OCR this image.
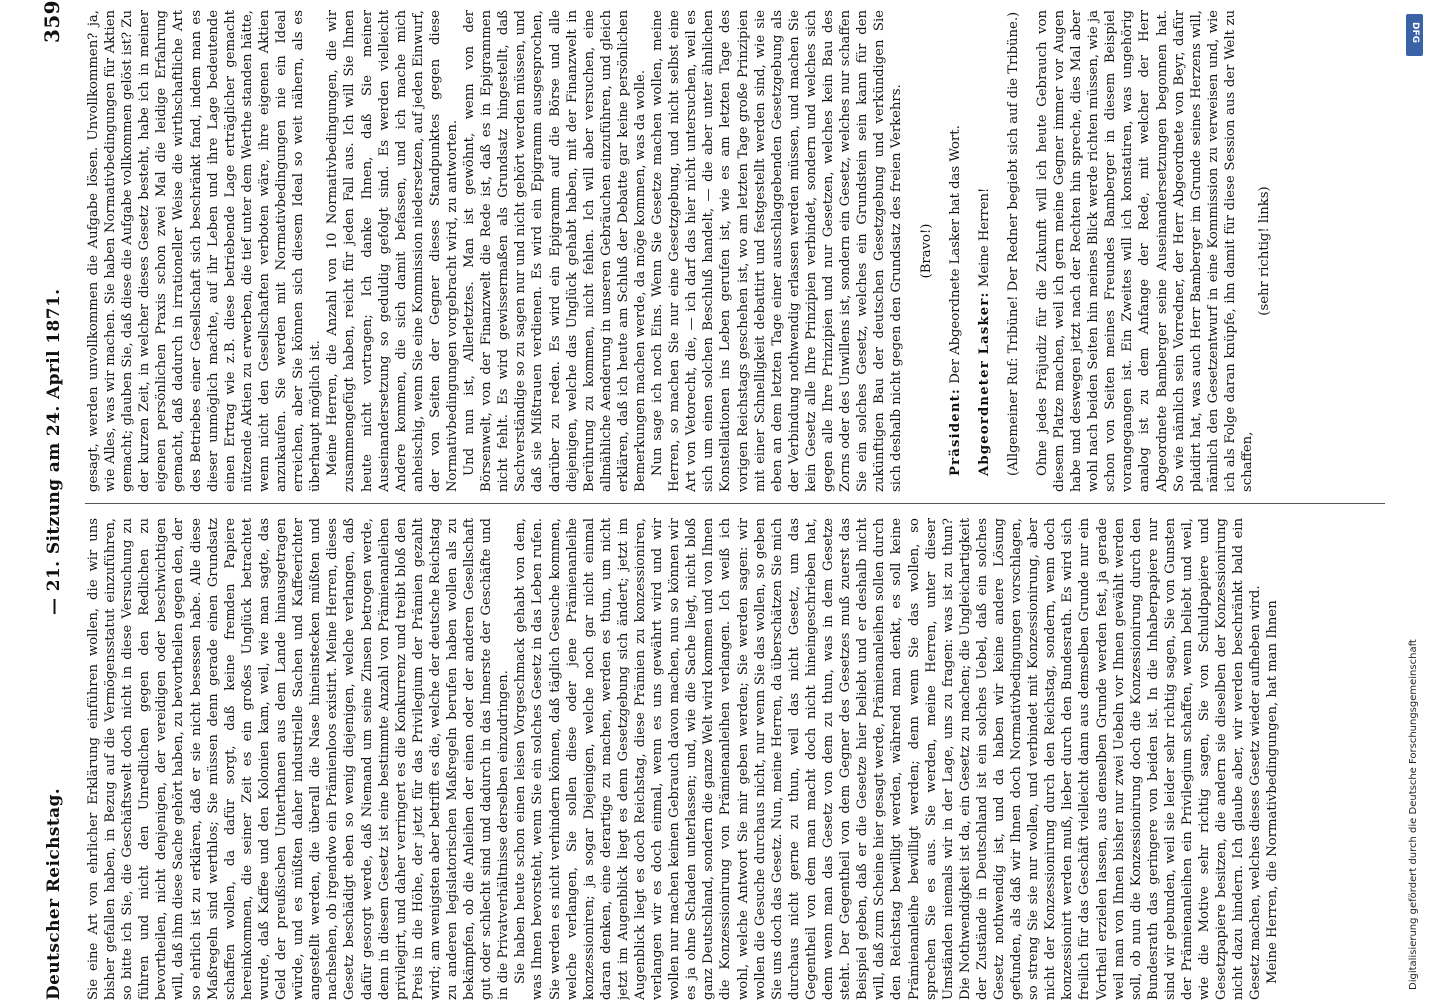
Deutscher Reichstag.
— 21. Sitzung am 24. April 1871.
359

Sie eine Art von ehrlicher Erklärung einführen wollen, die wir uns bisher gefallen haben, in Bezug auf die Vermögensstatut einzuführen, so bitte ich Sie, die Geschäftswelt doch nicht in diese Versuchung zu führen und nicht den Unredlichen gegen den Redlichen zu bevortheilen, nicht denjenigen, der vereidigen oder beschwichtigen will, daß ihm diese Sache gehört haben, zu bevortheilen gegen den, der so ehrlich ist zu erklären, daß er sie nicht besessen habe. Alle diese Maßregeln sind werthlos; Sie müssen denn gerade einen Grundsatz schaffen wollen, da dafür sorgt, daß keine fremden Papiere hereinkommen, die seiner Zeit es ein großes Unglück betrachtet wurde, daß Kaffee und den Kolonien kam, weil, wie man sagte, das Geld der preußischen Unterthanen aus dem Lande hinausgetragen würde, und es müßten daher industrielle Sachen und Kaffeerichter angestellt werden, die überall die Nase hineinstecken müßten und nachsehen, ob irgendwo ein Prämienloos existirt. Meine Herren, dieses Gesetz beschädigt eben so wenig diejenigen, welche verlangen, daß dafür gesorgt werde, daß Niemand um seine Zinsen betrogen werde, denn in diesem Gesetz ist eine bestimmte Anzahl von Prämienanleihen privilegirt, und daher verringert es die Konkurrenz und treibt bloß den Preis in die Höhe, der jetzt für das Privilegium der Prämien gezahlt wird; am wenigsten aber betrifft es die, welche der deutsche Reichstag zu anderen legislatorischen Maßregeln berufen haben wollen als zu bekämpfen, ob die Anleihen der einen oder der anderen Gesellschaft gut oder schlecht sind und dadurch in das Innerste der Geschäfte und in die Privatverhältnisse derselben einzudringen. Sie haben heute schon einen leisen Vorgeschmack gehabt von dem, was Ihnen bevorsteht, wenn Sie ein solches Gesetz in das Leben rufen. Sie werden es nicht verhindern können, daß täglich Gesuche kommen, welche verlangen, Sie sollen diese oder jene Prämienanleihe konzessioniren; ja sogar Diejenigen, welche noch gar nicht einmal daran denken, eine derartige zu machen, werden es thun, um nicht jetzt im Augenblick liegt es denn Gesetzgebung sich ändert; jetzt im Augenblick liegt es doch Reichstag, diese Prämien zu konzessioniren, verlangen wir es doch einmal, wenn es uns gewährt wird und wir wollen nur machen keinen Gebrauch davon machen, nun so können wir es ja ohne Schaden unterlassen; und, wie die Sache liegt, nicht bloß ganz Deutschland, sondern die ganze Welt wird kommen und von Ihnen die Konzessionirung von Prämienanleihen verlangen. Ich weiß ich wohl, welche Antwort Sie mir geben werden; Sie werden sagen: wir wollen die Gesuche durchaus nicht, nur wenn Sie das wollen, so geben Sie uns doch das Gesetz. Nun, meine Herren, da überschätzen Sie mich durchaus nicht gerne zu thun, weil das nicht Gesetz, um das Gegentheil von dem man macht doch nicht hineingeschrieben hat, denn wenn man das Gesetz von dem zu thun, was in dem Gesetze steht. Der Gegentheil von dem Gegner des Gesetzes muß zuerst das Beispiel geben, daß er die Gesetze hier beliebt und er deshalb nicht will, daß zum Scheine hier gesagt werde, Prämienanleihen sollen durch den Reichstag bewilligt werden, während man denkt, es soll keine Prämienanleihe bewilligt werden; denn wenn Sie das wollen, so sprechen Sie es aus. Sie werden, meine Herren, unter dieser Umständen niemals wir in der Lage, uns zu fragen: was ist zu thun? Die Nothwendigkeit ist da, ein Gesetz zu machen; die Ungleichartigkeit der Zustände in Deutschland ist ein solches Uebel, daß ein solches Gesetz nothwendig ist, und da haben wir keine andere Lösung gefunden, als daß wir Ihnen doch Normativbedingungen vorschlagen, so streng Sie sie nur wollen, und verbindet mit Konzessionirung, aber nicht der Konzessionirung durch den Reichstag, sondern, wenn doch konzessionirt werden muß, lieber durch den Bundesrath. Es wird sich freilich für das Geschäft vielleicht dann aus demselben Grunde nur ein Vortheil erzielen lassen, aus denselben Grunde werden fest, ja gerade weil man von Ihnen bisher nur zwei Uebeln vor Ihnen gewählt werden soll, ob nun die Konzessionirung doch die Konzessionirung durch den Bundesrath das geringere von beiden ist. In die Inhaberpapiere nur sind wir gebunden, weil sie leider sehr richtig sagen, Sie von Gunsten der Prämienanleihen ein Privilegium schaffen, wenn beliebt und weil, wie die Motive sehr richtig sagen, Sie von Schuldpapiere und Gesetzpapiere besitzen, die andern sie dieselben der Konzessionirung nicht dazu hindern. Ich glaube aber, wir werden beschränkt bald ein Gesetz machen, welches dieses Gesetz wieder aufheben wird. Meine Herren, die Normativbedingungen, hat man Ihnen

gesagt, werden unvollkommen die Aufgabe lösen. Unvollkommen? ja, wie Alles, was wir machen. Sie haben Normativbedingungen für Aktien gemacht; glauben Sie, daß diese die Aufgabe vollkommen gelöst ist? Zu der kurzen Zeit, in welcher dieses Gesetz besteht, habe ich in meiner eigenen persönlichen Praxis schon zwei Mal die leidige Erfahrung gemacht, daß dadurch in irrationeller Weise die wirthschaftliche Art des Betriebes einer Gesellschaft sich beschränkt fand, indem man es dieser unmöglich machte, auf ihr Leben und ihre Lage bedeutende einen Ertrag wie z.B. diese betriebende Lage erträglicher gemacht nützende Aktien zu erwerben, die tief unter dem Werthe standen hätte, wenn nicht den Gesellschaften verboten wäre, ihre eigenen Aktien anzukaufen. Sie werden mit Normativbedingungen nie ein Ideal erreichen, aber Sie können sich diesem Ideal so weit nähern, als es überhaupt möglich ist. Meine Herren, die Anzahl von 10 Normativbedingungen, die wir zusammengefügt haben, reicht für jeden Fall aus. Ich will Sie Ihnen heute nicht vortragen; Ich danke Ihnen, daß Sie meiner Auseinandersetzung so geduldig gefolgt sind. Es werden vielleicht Andere kommen, die sich damit befassen, und ich mache mich anheischig, wenn Sie eine Kommission niedersetzen, auf jeden Einwurf, der von Seiten der Gegner dieses Standpunktes gegen diese Normativbedingungen vorgebracht wird, zu antworten. Und nun ist, Allerletztes. Man ist gewöhnt, wenn von der Börsenwelt, von der Finanzwelt die Rede ist, daß es in Epigrammen nicht fehlt. Es wird gewissermaßen als Grundsatz hingestellt, daß Sachverständige so zu sagen nur und nicht gehört werden müssen, und daß sie Mißtrauen verdienen. Es wird ein Epigramm ausgesprochen, darüber zu reden. Es wird ein Epigramm auf die Börse und alle diejenigen, welche das Unglück gehabt haben, mit der Finanzwelt in Berührung zu kommen, nicht fehlen. Ich will aber versuchen, eine allmähliche Aenderung in unseren Gebräuchen einzuführen, und gleich erklären, daß ich heute am Schluß der Debatte gar keine persönlichen Bemerkungen machen werde, da möge kommen, was da wolle. Nun sage ich noch Eins. Wenn Sie Gesetze machen wollen, meine Herren, so machen Sie nur eine Gesetzgebung, und nicht selbst eine Art von Vetorecht, die, — ich darf das hier nicht untersuchen, weil es sich um einen solchen Beschluß handelt, — die aber unter ähnlichen Konstellationen ins Leben gerufen ist, wie es am letzten Tage des vorigen Reichstags geschehen ist, wo am letzten Tage große Prinzipien mit einer Schnelligkeit debattirt und festgestellt werden sind, wie sie eben an dem letzten Tage einer ausschlaggebenden Gesetzgebung als der Verbindung nothwendig erlassen werden müssen, und machen Sie kein Gesetz alle Ihre Prinzipien verbindet, sondern und welches sich gegen alle Ihre Prinzipien und nur Gesetzen, welches kein Bau des Zorns oder des Unwillens ist, sondern ein Gesetz, welches nur schaffen Sie ein solches Gesetz, welches ein Grundstein sein kann für den zukünftigen Bau der deutschen Gesetzgebung und verkündigen Sie sich deshalb nicht gegen den Grundsatz des freien Verkehrs. (Bravo!)

Präsident: Der Abgeordnete Lasker hat das Wort. Abgeordneter Lasker: Meine Herren! (Allgemeiner Ruf: Tribüne! Der Redner begiebt sich auf die Tribüne.) Ohne jedes Präjudiz für die Zukunft will ich heute Gebrauch von diesem Platze machen, weil ich gern meine Gegner immer vor Augen habe und deswegen jetzt nach der Rechten hin spreche, dies Mal aber wohl nach beiden Seiten hin meines Blick werde richten müssen, wie ja schon von Seiten meines Freundes Bamberger in diesem Beispiel vorangegangen ist. Ein Zweites will ich konstatiren, was ungehörig analog ist zu dem Anfange der Rede, mit welcher der Herr Abgeordnete Bamberger seine Auseinandersetzungen begonnen hat. So wie nämlich sein Vorredner, der Herr Abgeordnete von Beyr, dafür plaidirt hat, was auch Herr Bamberger im Grunde seines Herzens will, nämlich den Gesetzentwurf in eine Kommission zu verweisen und, wie ich als Folge daran knüpfe, ihn damit für diese Session aus der Welt zu schaffen,

(sehr richtig! links)

DFG
Digitalisierung gefördert durch die Deutsche Forschungsgemeinschaft
